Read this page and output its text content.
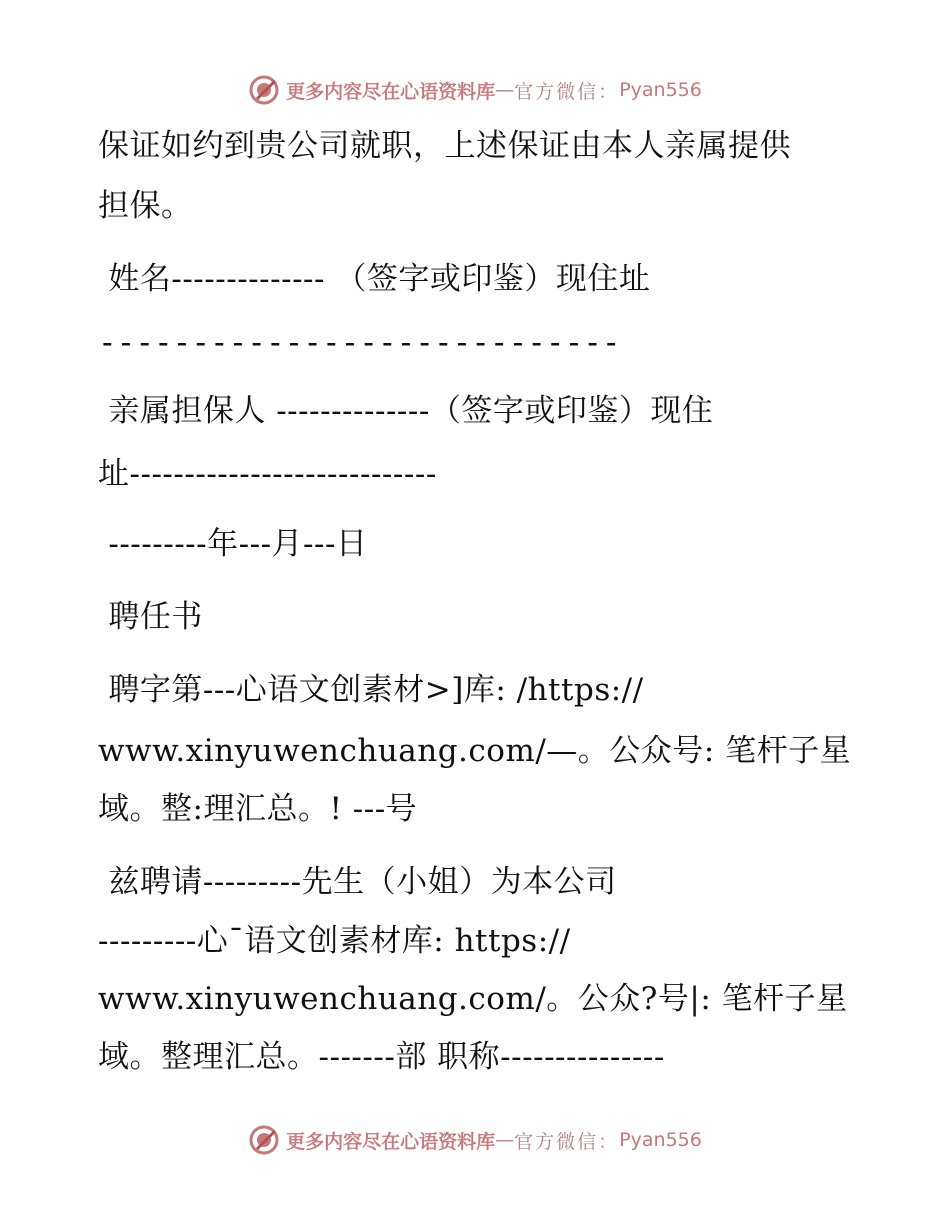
更多内容尽在心语资料库 — 官方微信： Pyan556
保证如约到贵公司就职，上述保证由本人亲属提供
担保。
姓名-------------- （签字或印鉴）现住址
----------------------------
亲属担保人 --------------（签字或印鉴）现住
址----------------------------
---------年---月---日
聘任书
聘字第---心语文创素材>]库: /https://
www.xinyuwenchuang.com/—。公众号: 笔杆子星
域。整:理汇总。! ---号
兹聘请---------先生（小姐）为本公司
---------心¯语文创素材库: https://
www.xinyuwenchuang.com/。公众?号|: 笔杆子星
域。整理汇总。-------部 职称---------------
更多内容尽在心语资料库 — 官方微信： Pyan556
